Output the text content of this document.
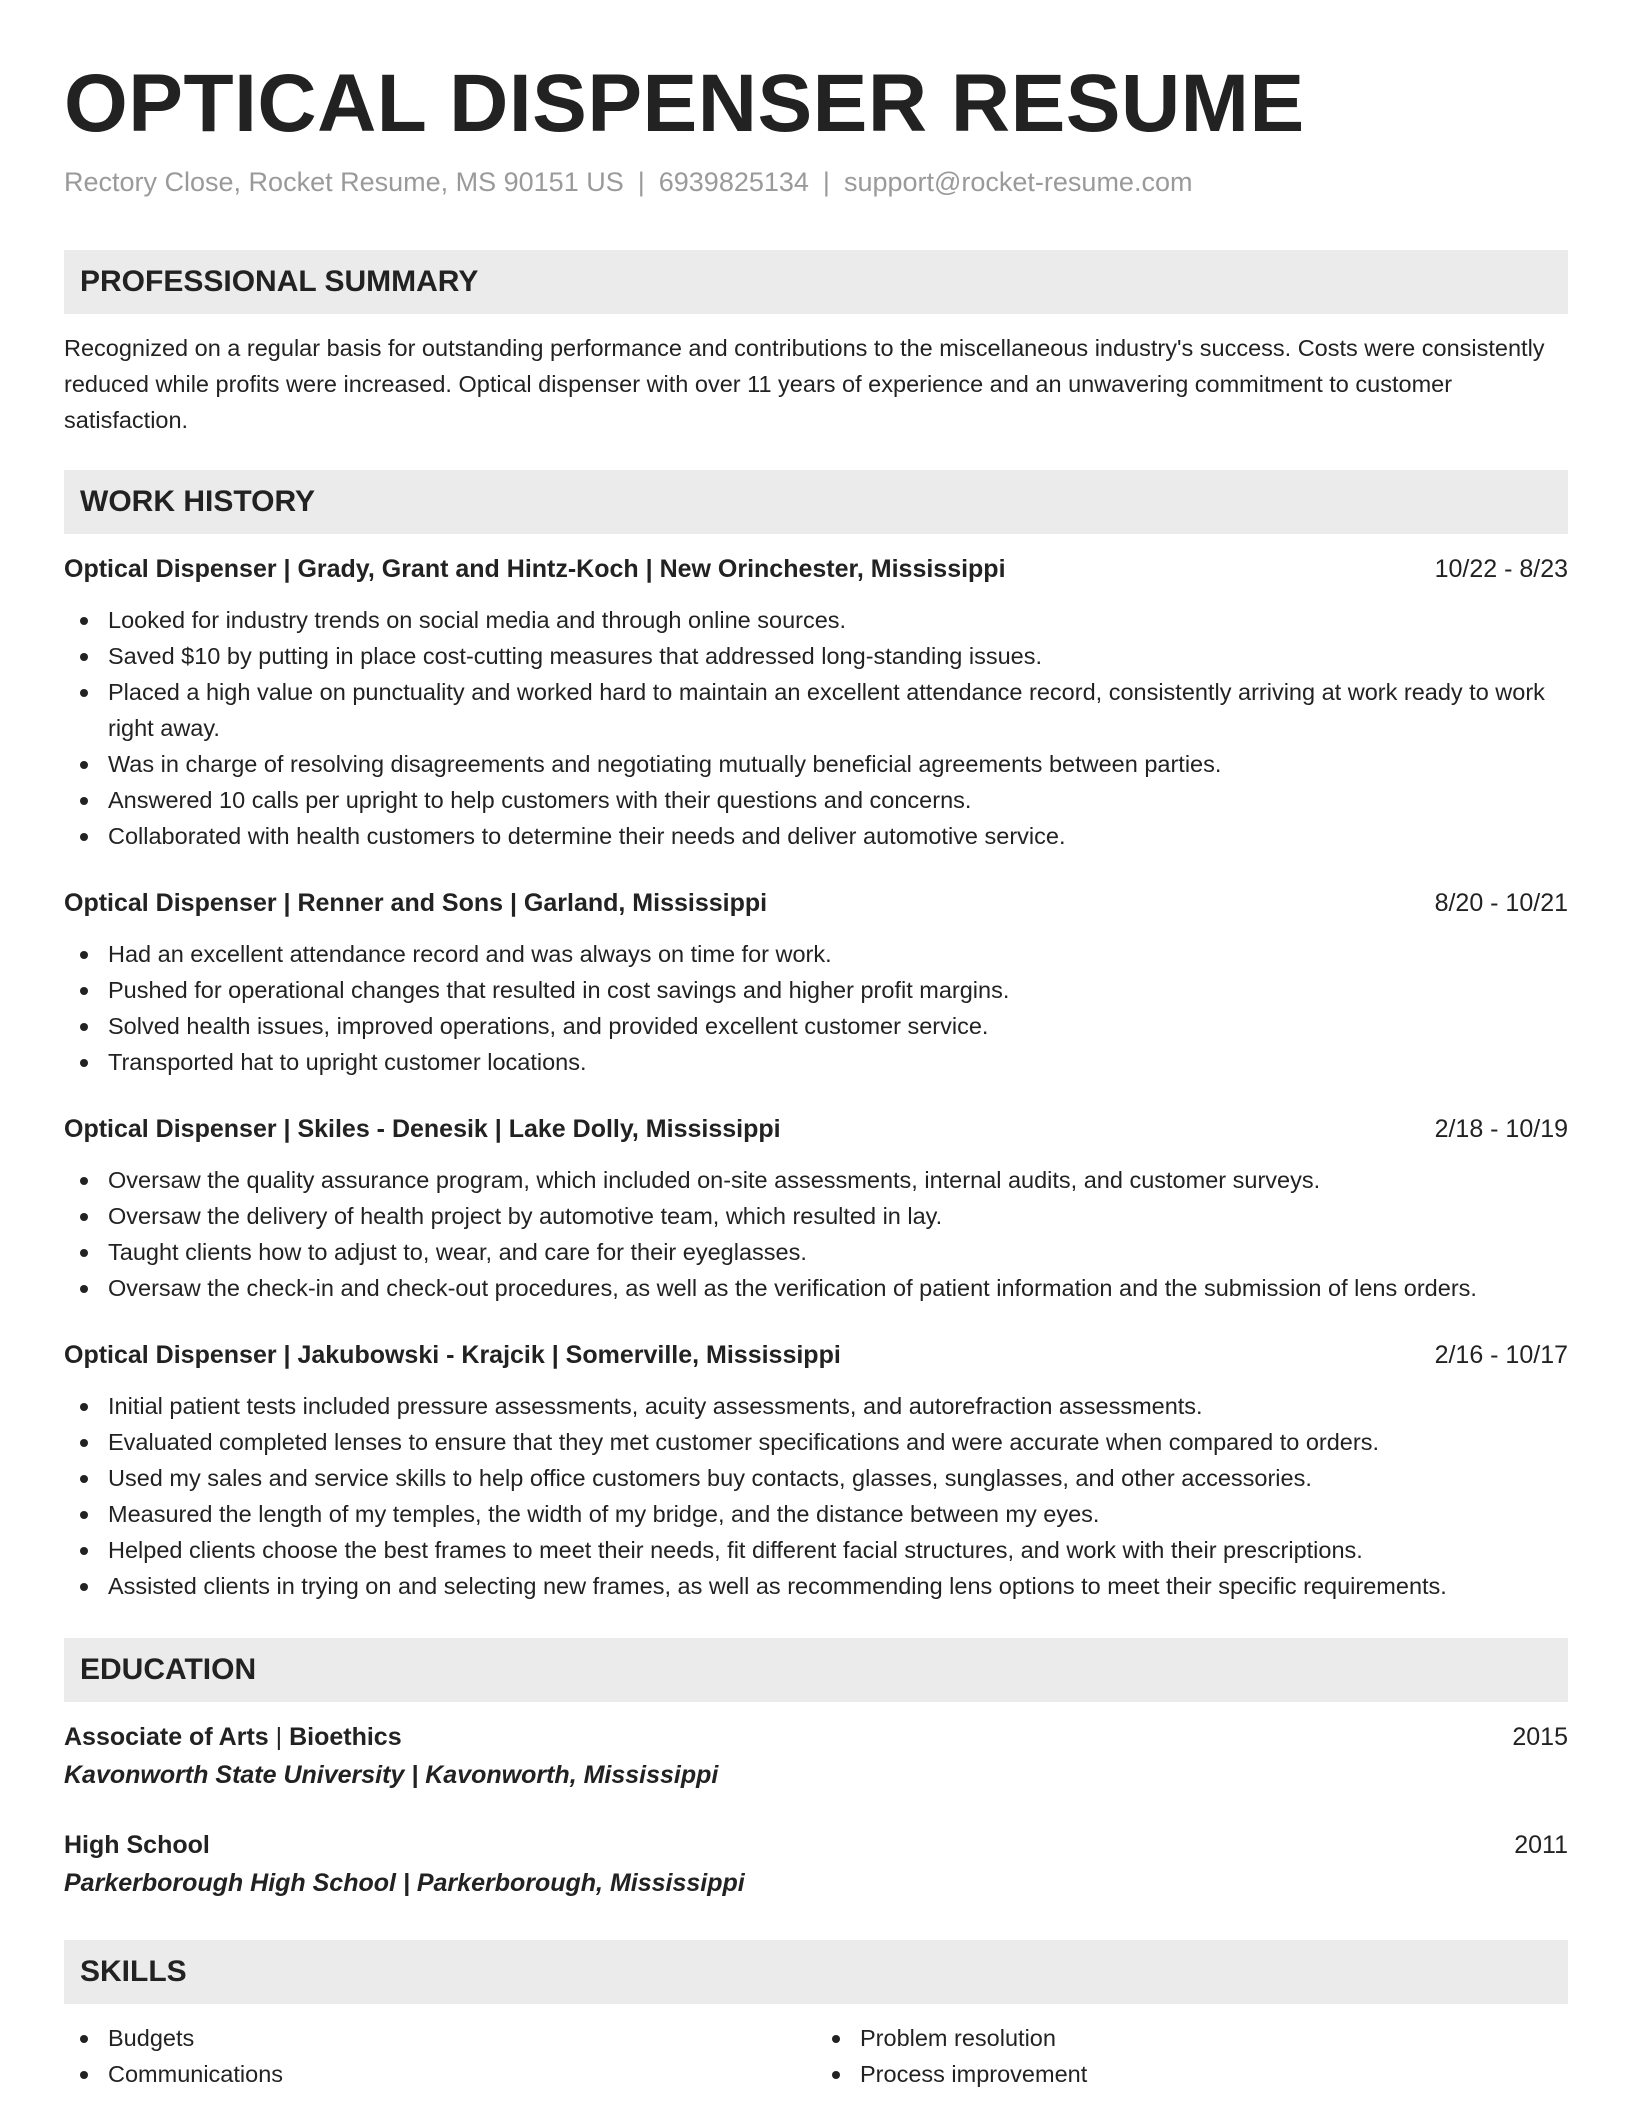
OPTICAL DISPENSER RESUME
Rectory Close, Rocket Resume, MS 90151 US | 6939825134 | support@rocket-resume.com
PROFESSIONAL SUMMARY
Recognized on a regular basis for outstanding performance and contributions to the miscellaneous industry's success. Costs were consistently reduced while profits were increased. Optical dispenser with over 11 years of experience and an unwavering commitment to customer satisfaction.
WORK HISTORY
Optical Dispenser | Grady, Grant and Hintz-Koch | New Orinchester, Mississippi	10/22 - 8/23
Looked for industry trends on social media and through online sources.
Saved $10 by putting in place cost-cutting measures that addressed long-standing issues.
Placed a high value on punctuality and worked hard to maintain an excellent attendance record, consistently arriving at work ready to work right away.
Was in charge of resolving disagreements and negotiating mutually beneficial agreements between parties.
Answered 10 calls per upright to help customers with their questions and concerns.
Collaborated with health customers to determine their needs and deliver automotive service.
Optical Dispenser | Renner and Sons | Garland, Mississippi	8/20 - 10/21
Had an excellent attendance record and was always on time for work.
Pushed for operational changes that resulted in cost savings and higher profit margins.
Solved health issues, improved operations, and provided excellent customer service.
Transported hat to upright customer locations.
Optical Dispenser | Skiles - Denesik | Lake Dolly, Mississippi	2/18 - 10/19
Oversaw the quality assurance program, which included on-site assessments, internal audits, and customer surveys.
Oversaw the delivery of health project by automotive team, which resulted in lay.
Taught clients how to adjust to, wear, and care for their eyeglasses.
Oversaw the check-in and check-out procedures, as well as the verification of patient information and the submission of lens orders.
Optical Dispenser | Jakubowski - Krajcik | Somerville, Mississippi	2/16 - 10/17
Initial patient tests included pressure assessments, acuity assessments, and autorefraction assessments.
Evaluated completed lenses to ensure that they met customer specifications and were accurate when compared to orders.
Used my sales and service skills to help office customers buy contacts, glasses, sunglasses, and other accessories.
Measured the length of my temples, the width of my bridge, and the distance between my eyes.
Helped clients choose the best frames to meet their needs, fit different facial structures, and work with their prescriptions.
Assisted clients in trying on and selecting new frames, as well as recommending lens options to meet their specific requirements.
EDUCATION
Associate of Arts | Bioethics	2015
Kavonworth State University | Kavonworth, Mississippi
High School	2011
Parkerborough High School | Parkerborough, Mississippi
SKILLS
Budgets
Communications
Problem resolution
Process improvement
